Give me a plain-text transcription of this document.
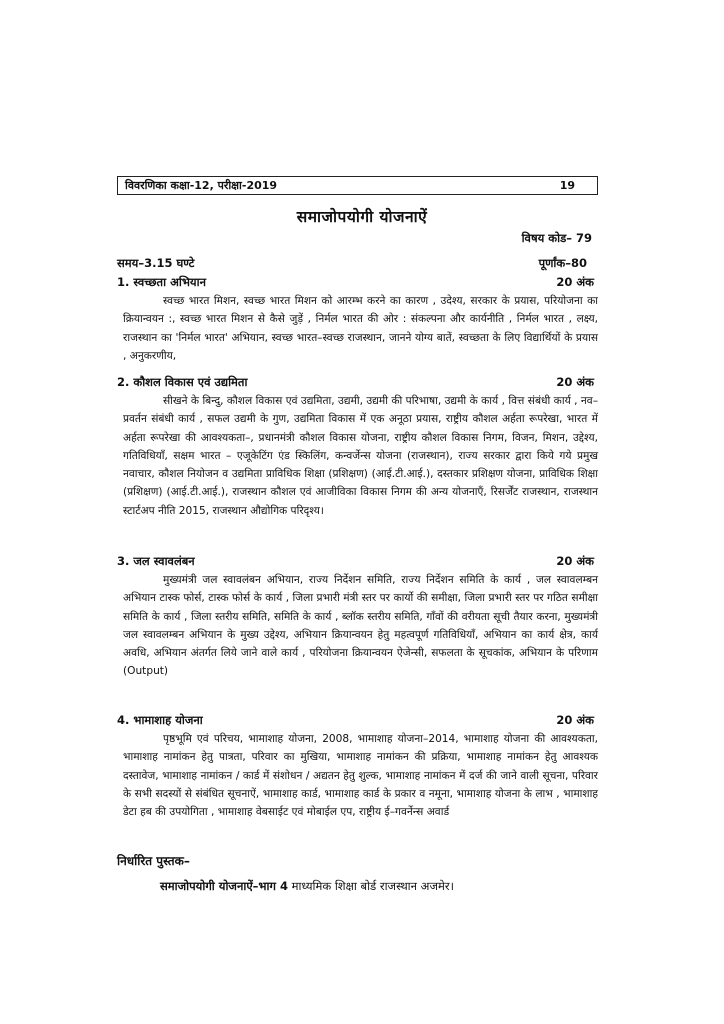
विवरणिका कक्षा-12, परीक्षा-2019	19
समाजोपयोगी योजनाऐं
विषय कोड– 79
समय–3.15 घण्टे	पूर्णांक–80
1. स्वच्छता अभियान	20 अंक
स्वच्छ भारत मिशन, स्वच्छ भारत मिशन को आरम्भ करने का कारण , उदेश्य, सरकार के प्रयास, परियोजना का क्रियान्वयन :, स्वच्छ भारत मिशन से कैसे जुड़ें , निर्मल भारत की ओर : संकल्पना और कार्यनीति , निर्मल भारत , लक्ष्य, राजस्थान का 'निर्मल भारत' अभियान, स्वच्छ भारत–स्वच्छ राजस्थान, जानने योग्य बातें, स्वच्छता के लिए विद्यार्थियों के प्रयास , अनुकरणीय,
2. कौशल विकास एवं उद्यमिता	20 अंक
सीखने के बिन्दु, कौशल विकास एवं उद्यमिता, उद्यमी, उद्यमी की परिभाषा, उद्यमी के कार्य , वित्त संबंधी कार्य , नव–प्रवर्तन संबंधी कार्य , सफल उद्यमी के गुण, उद्यमिता विकास में एक अनूठा प्रयास, राष्ट्रीय कौशल अर्हता रूपरेखा, भारत में अर्हता रूपरेखा की आवश्यकता–, प्रधानमंत्री कौशल विकास योजना, राष्ट्रीय कौशल विकास निगम, विजन, मिशन, उद्देश्य, गतिविधियाँ, सक्षम भारत – एजूकेटिंग एंड स्किलिंग, कन्वर्जेन्स योजना (राजस्थान), राज्य सरकार द्वारा किये गये प्रमुख नवाचार, कौशल नियोजन व उद्यमिता प्राविधिक शिक्षा (प्रशिक्षण) (आई.टी.आई.), दस्तकार प्रशिक्षण योजना, प्राविधिक शिक्षा (प्रशिक्षण) (आई.टी.आई.), राजस्थान कौशल एवं आजीविका विकास निगम की अन्य योजनाएँ, रिसर्जेंट राजस्थान, राजस्थान स्टार्टअप नीति 2015, राजस्थान औद्योगिक परिदृश्य।
3. जल स्वावलंबन	20 अंक
मुख्यमंत्री जल स्वावलंबन अभियान, राज्य निर्देशन समिति, राज्य निर्देशन समिति के कार्य , जल स्वावलम्बन अभियान टास्क फोर्स, टास्क फोर्स के कार्य , जिला प्रभारी मंत्री स्तर पर कार्यो की समीक्षा, जिला प्रभारी स्तर पर गठित समीक्षा समिति के कार्य , जिला स्तरीय समिति, समिति के कार्य , ब्लॉक स्तरीय समिति, गाँवों की वरीयता सूची तैयार करना, मुख्यमंत्री जल स्वावलम्बन अभियान के मुख्य उद्देश्य, अभियान क्रियान्वयन हेतु महत्वपूर्ण गतिविधियाँ, अभियान का कार्य क्षेत्र, कार्य अवधि, अभियान अंतर्गत लिये जाने वाले कार्य , परियोजना क्रियान्वयन ऐजेन्सी, सफलता के सूचकांक, अभियान के परिणाम (Output)
4. भामाशाह योजना	20 अंक
पृष्ठभूमि एवं परिचय, भामाशाह योजना, 2008, भामाशाह योजना–2014, भामाशाह योजना की आवश्यकता, भामाशाह नामांकन हेतु पात्रता, परिवार का मुखिया, भामाशाह नामांकन की प्रक्रिया, भामाशाह नामांकन हेतु आवश्यक दस्तावेज, भामाशाह नामांकन / कार्ड में संशोधन / अद्यतन हेतु शुल्क, भामाशाह नामांकन में दर्ज की जाने वाली सूचना, परिवार के सभी सदस्यों से संबंधित सूचनाऐं, भामाशाह कार्ड, भामाशाह कार्ड के प्रकार व नमूना, भामाशाह योजना के लाभ , भामाशाह डेटा हब की उपयोगिता , भामाशाह वेबसाईट एवं मोबाईल एप, राष्ट्रीय ई–गवर्नेन्स अवार्ड
निर्धारित पुस्तक–
समाजोपयोगी योजनाऐं–भाग 4 माध्यमिक शिक्षा बोर्ड राजस्थान अजमेर।
